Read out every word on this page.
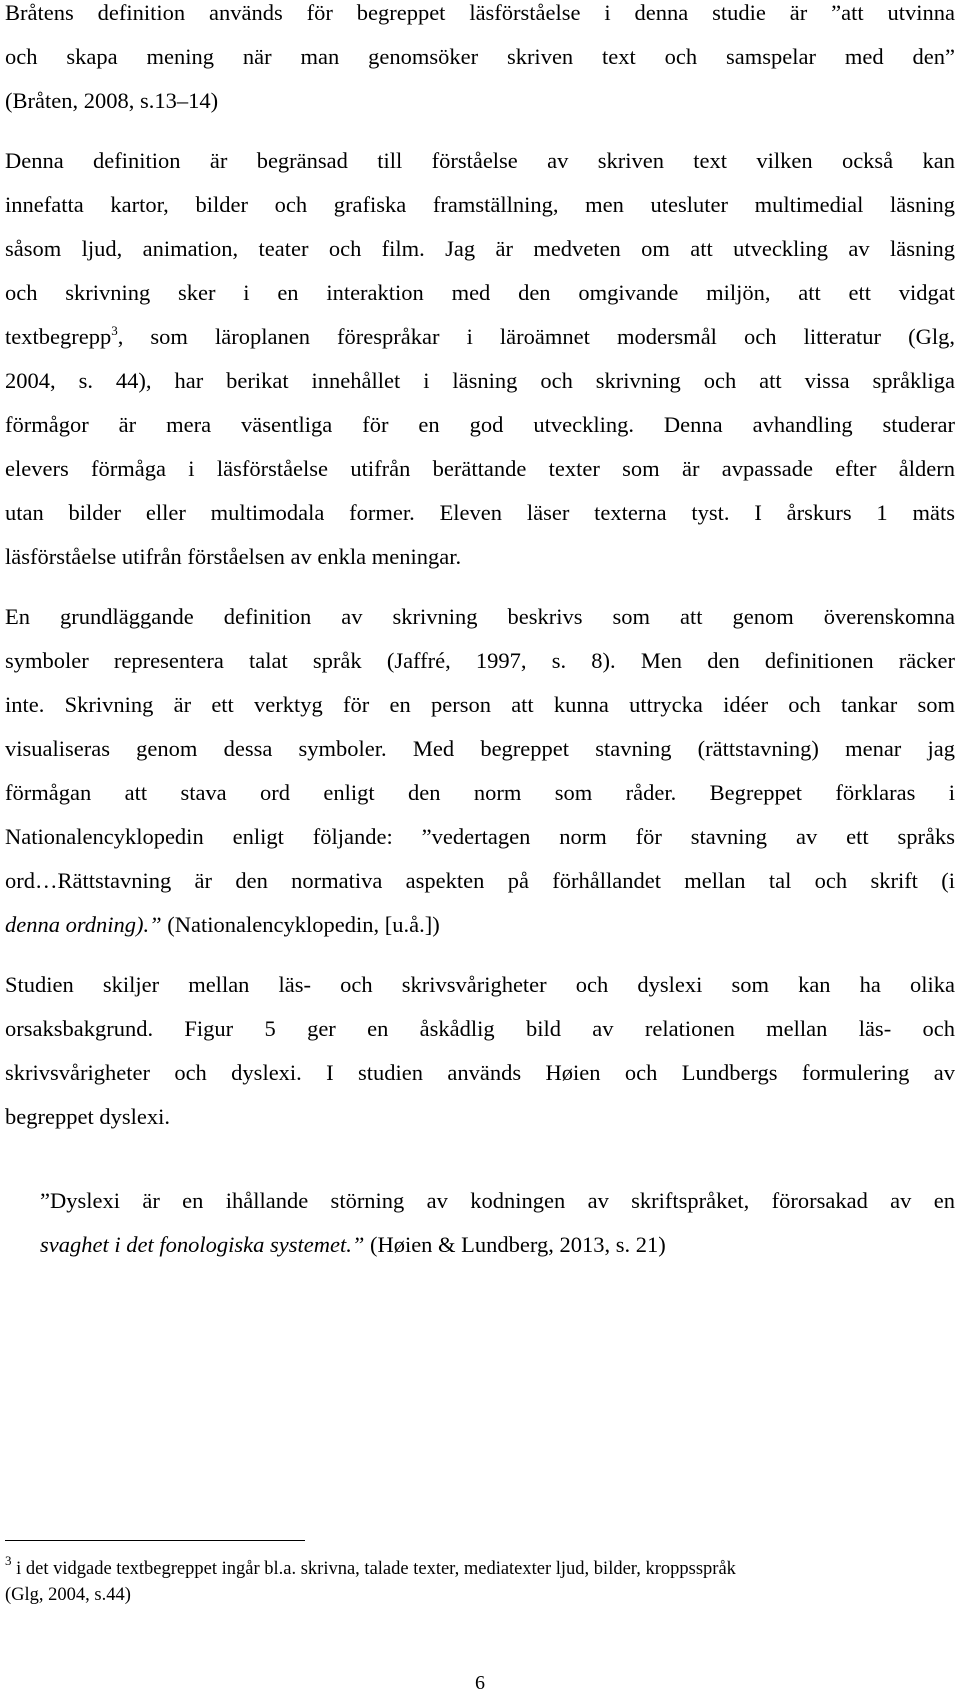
Bråtens definition används för begreppet läsförståelse i denna studie är ”att utvinna
och skapa mening när man genomsöker skriven text och samspelar med den”
(Bråten, 2008, s.13–14)
Denna definition är begränsad till förståelse av skriven text vilken också kan
innefatta kartor, bilder och grafiska framställning, men utesluter multimedial läsning
såsom ljud, animation, teater och film. Jag är medveten om att utveckling av läsning
och skrivning sker i en interaktion med den omgivande miljön, att ett vidgat
textbegrepp$^3$, som läroplanen förespråkar i läroämnet modersmål och litteratur (Glg,
2004, s. 44), har berikat innehållet i läsning och skrivning och att vissa språkliga
förmågor är mera väsentliga för en god utveckling. Denna avhandling studerar
elevers förmåga i läsförståelse utifrån berättande texter som är avpassade efter åldern
utan bilder eller multimodala former. Eleven läser texterna tyst. I årskurs 1 mäts
läsförståelse utifrån förståelsen av enkla meningar.
En grundläggande definition av skrivning beskrivs som att genom överenskomna
symboler representera talat språk (Jaffré, 1997, s. 8). Men den definitionen räcker
inte. Skrivning är ett verktyg för en person att kunna uttrycka idéer och tankar som
visualiseras genom dessa symboler. Med begreppet stavning (rättstavning) menar jag
förmågan att stava ord enligt den norm som råder. Begreppet förklaras i
Nationalencyklopedin enligt följande: ”vedertagen norm för stavning av ett språks
ord…Rättstavning är den normativa aspekten på förhållandet mellan tal och skrift (i
denna ordning).” (Nationalencyklopedin, [u.å.])
Studien skiljer mellan läs- och skrivsvårigheter och dyslexi som kan ha olika
orsaksbakgrund. Figur 5 ger en åskådlig bild av relationen mellan läs- och
skrivsvårigheter och dyslexi. I studien används Høien och Lundbergs formulering av
begreppet dyslexi.
”Dyslexi är en ihållande störning av kodningen av skriftspråket, förorsakad av en
svaghet i det fonologiska systemet.” (Høien & Lundberg, 2013, s. 21)
$^3$ i det vidgade textbegreppet ingår bl.a. skrivna, talade texter, mediatexter ljud, bilder, kroppsspråk
(Glg, 2004, s.44)
6
